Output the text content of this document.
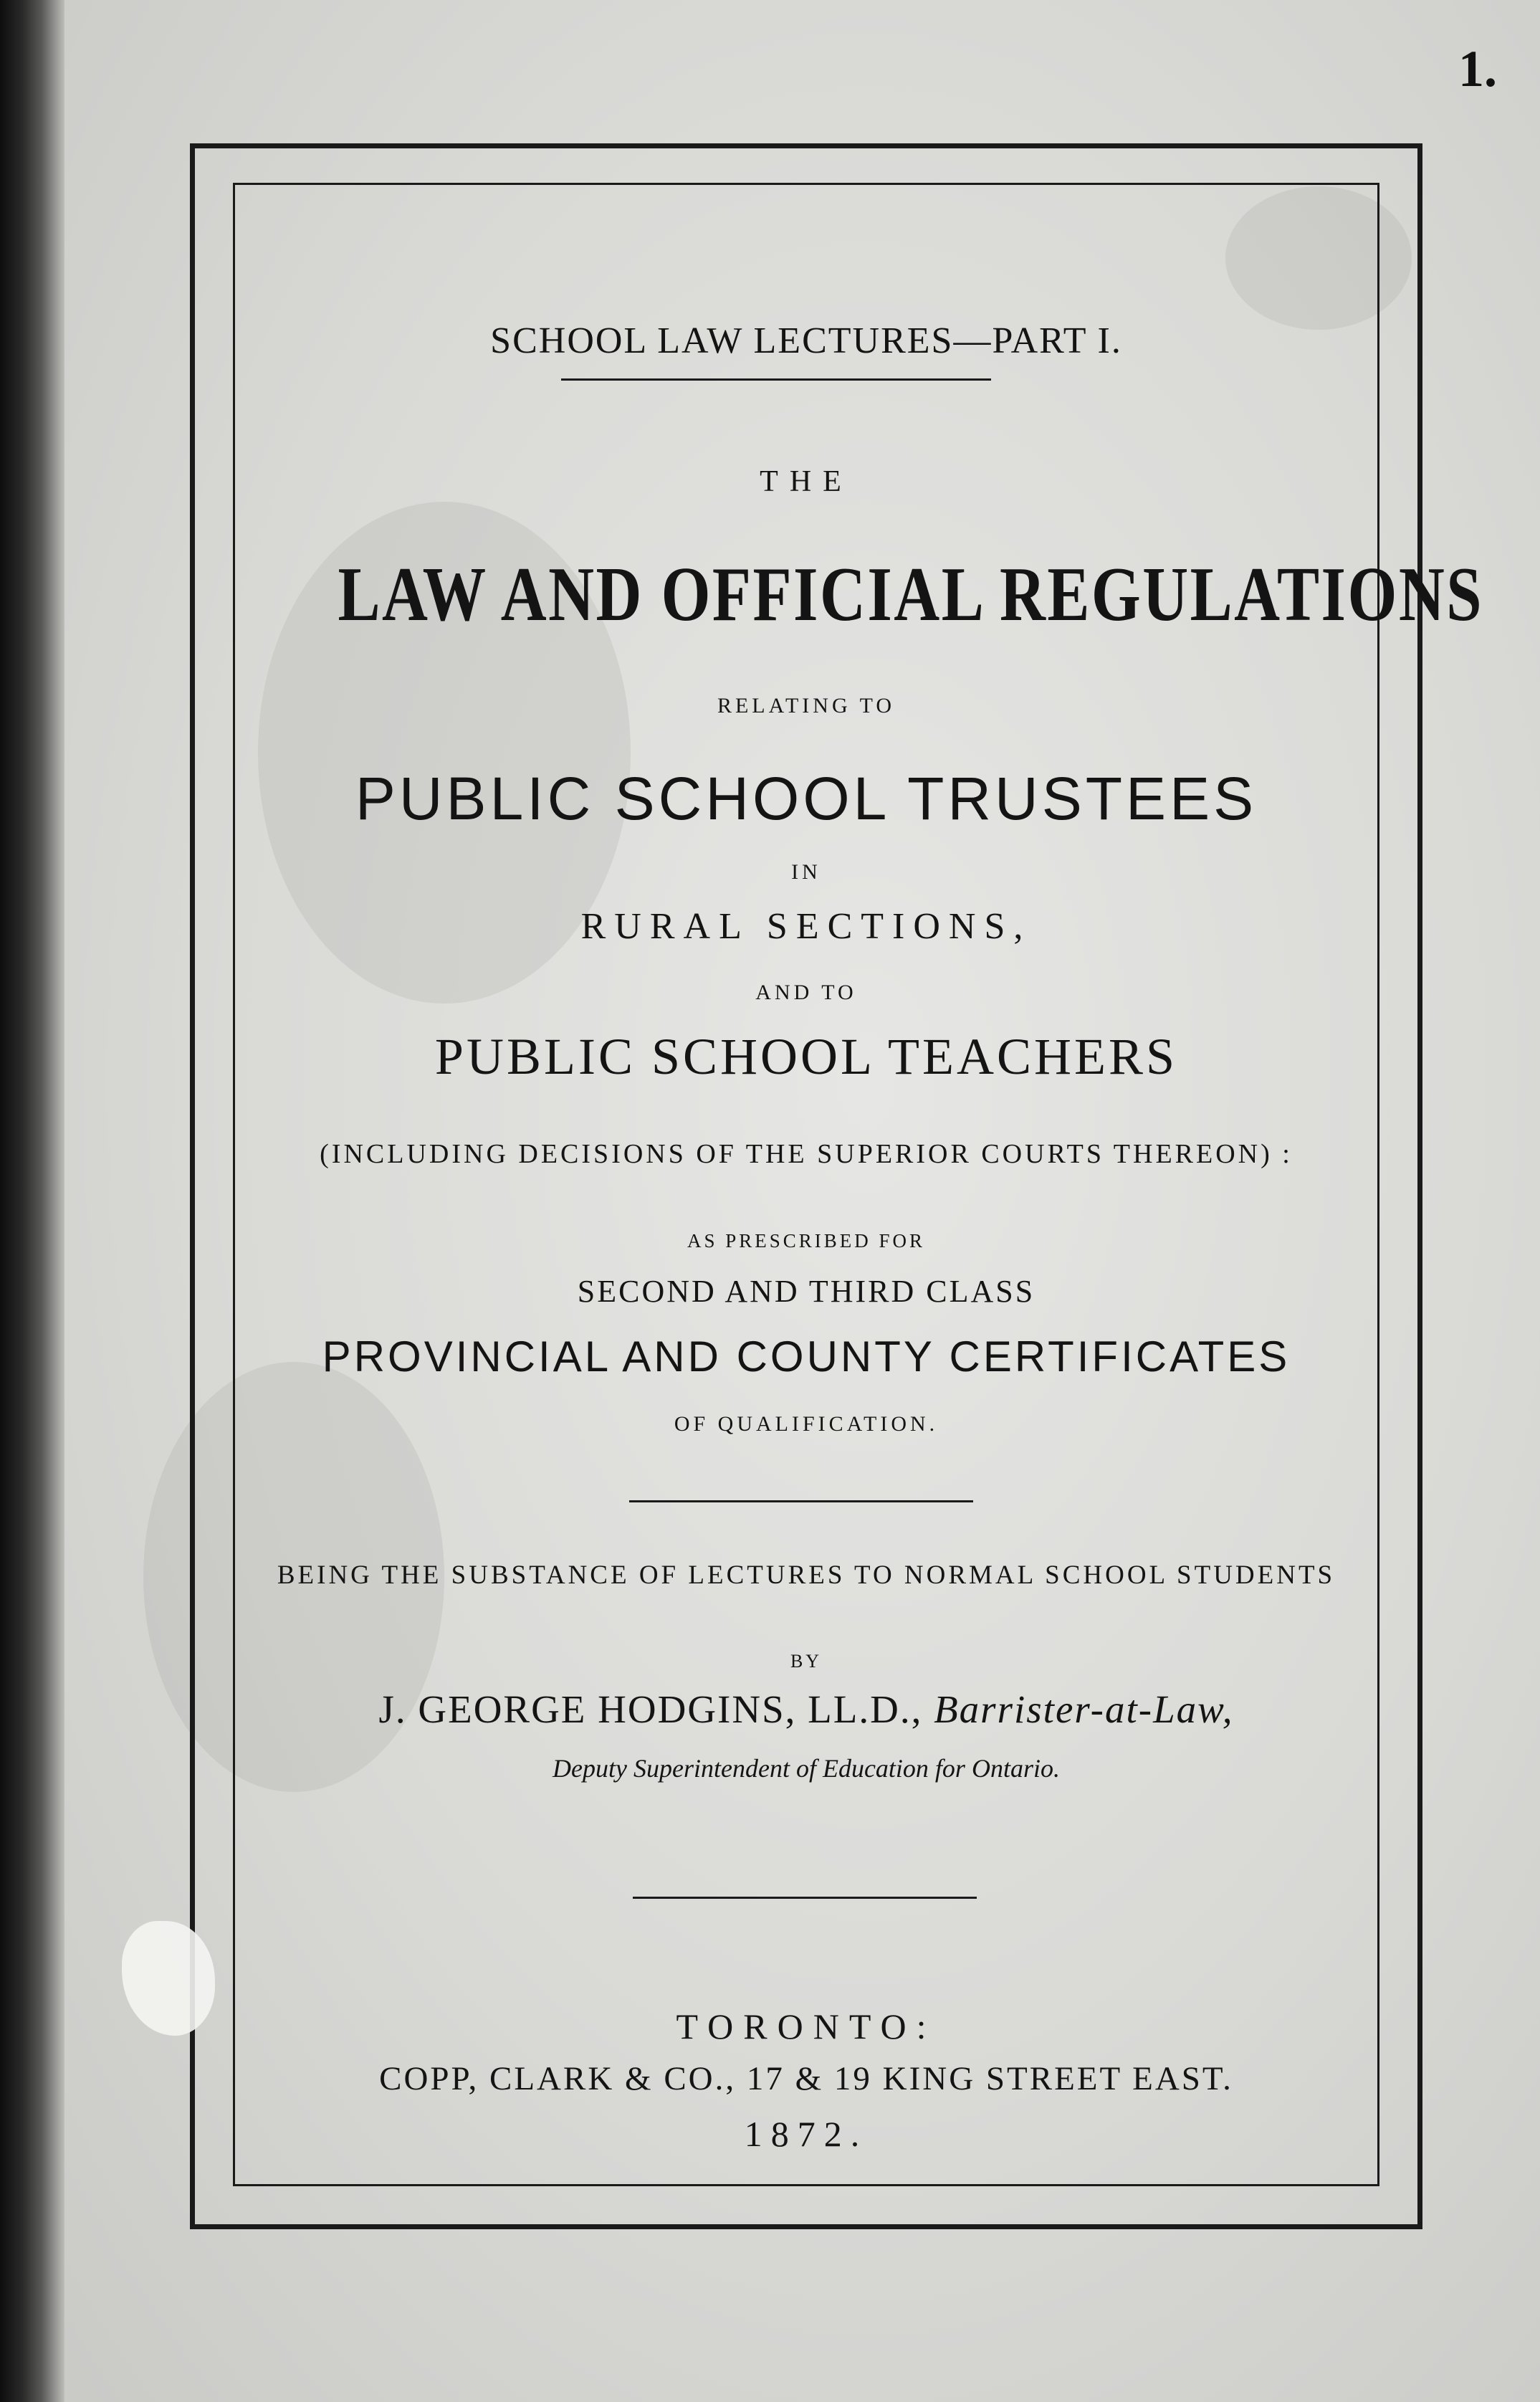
1.
SCHOOL LAW LECTURES—PART I.
THE
LAW AND OFFICIAL REGULATIONS
RELATING TO
PUBLIC SCHOOL TRUSTEES
IN
RURAL SECTIONS,
AND TO
PUBLIC SCHOOL TEACHERS
(INCLUDING DECISIONS OF THE SUPERIOR COURTS THEREON) :
AS PRESCRIBED FOR
SECOND AND THIRD CLASS
PROVINCIAL AND COUNTY CERTIFICATES
OF QUALIFICATION.
BEING THE SUBSTANCE OF LECTURES TO NORMAL SCHOOL STUDENTS
BY
J. GEORGE HODGINS, LL.D., Barrister-at-Law,
Deputy Superintendent of Education for Ontario.
TORONTO:
COPP, CLARK & CO., 17 & 19 KING STREET EAST.
1872.
